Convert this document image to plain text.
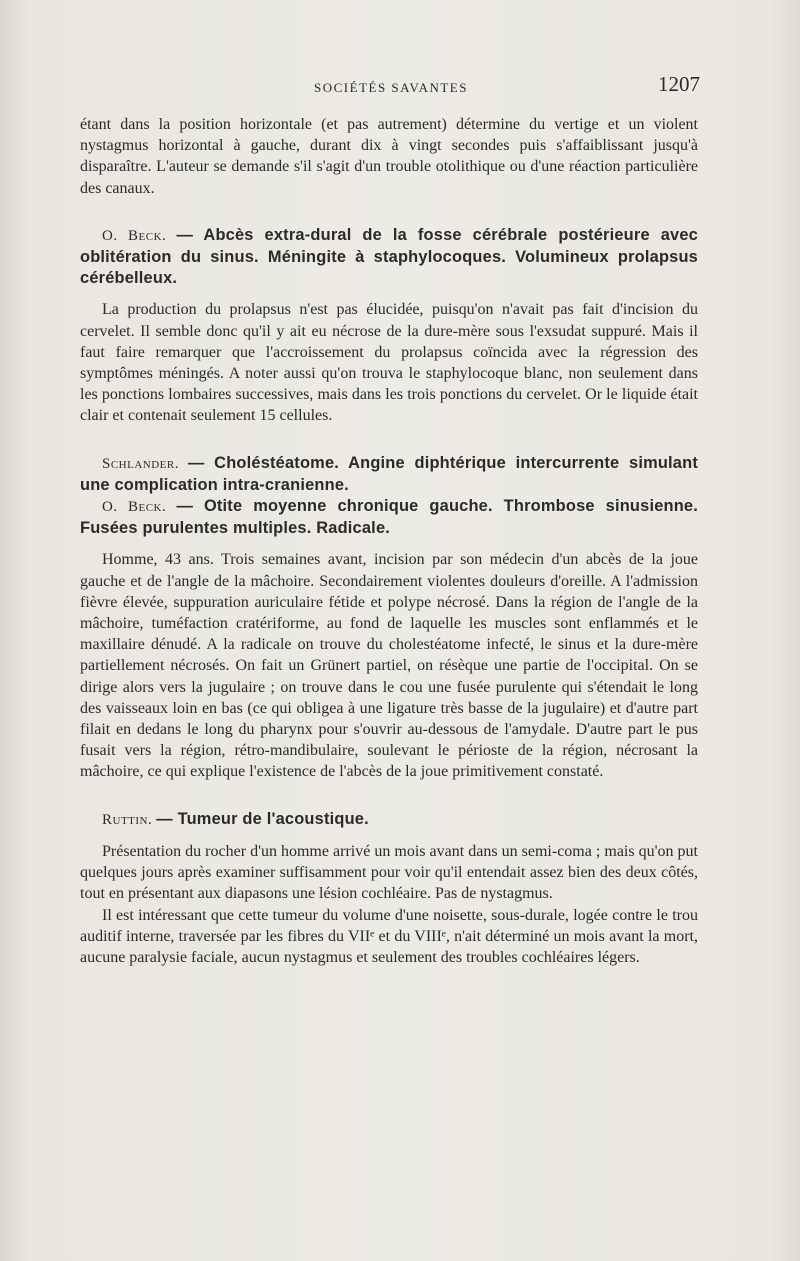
SOCIÉTÉS SAVANTES	1207

étant dans la position horizontale (et pas autrement) détermine du vertige et un violent nystagmus horizontal à gauche, durant dix à vingt secondes puis s'affaiblissant jusqu'à disparaître. L'auteur se demande s'il s'agit d'un trouble otolithique ou d'une réaction particulière des canaux.

O. Beck. — Abcès extra-dural de la fosse cérébrale postérieure avec oblitération du sinus. Méningite à staphylocoques. Volumineux prolapsus cérébelleux.

La production du prolapsus n'est pas élucidée, puisqu'on n'avait pas fait d'incision du cervelet. Il semble donc qu'il y ait eu nécrose de la dure-mère sous l'exsudat suppuré. Mais il faut faire remarquer que l'accroissement du prolapsus coïncida avec la régression des symptômes méningés. A noter aussi qu'on trouva le staphylocoque blanc, non seulement dans les ponctions lombaires successives, mais dans les trois ponctions du cervelet. Or le liquide était clair et contenait seulement 15 cellules.

Schlander. — Choléstéatome. Angine diphtérique intercurrente simulant une complication intra-cranienne.

O. Beck. — Otite moyenne chronique gauche. Thrombose sinusienne. Fusées purulentes multiples. Radicale.

Homme, 43 ans. Trois semaines avant, incision par son médecin d'un abcès de la joue gauche et de l'angle de la mâchoire. Secondairement violentes douleurs d'oreille. A l'admission fièvre élevée, suppuration auriculaire fétide et polype nécrosé. Dans la région de l'angle de la mâchoire, tuméfaction cratériforme, au fond de laquelle les muscles sont enflammés et le maxillaire dénudé. A la radicale on trouve du cholestéatome infecté, le sinus et la dure-mère partiellement nécrosés. On fait un Grünert partiel, on résèque une partie de l'occipital. On se dirige alors vers la jugulaire ; on trouve dans le cou une fusée purulente qui s'étendait le long des vaisseaux loin en bas (ce qui obligea à une ligature très basse de la jugulaire) et d'autre part filait en dedans le long du pharynx pour s'ouvrir au-dessous de l'amydale. D'autre part le pus fusait vers la région, rétro-mandibulaire, soulevant le périoste de la région, nécrosant la mâchoire, ce qui explique l'existence de l'abcès de la joue primitivement constaté.

Ruttin. — Tumeur de l'acoustique.

Présentation du rocher d'un homme arrivé un mois avant dans un semi-coma ; mais qu'on put quelques jours après examiner suffisamment pour voir qu'il entendait assez bien des deux côtés, tout en présentant aux diapasons une lésion cochléaire. Pas de nystagmus.

Il est intéressant que cette tumeur du volume d'une noisette, sous-durale, logée contre le trou auditif interne, traversée par les fibres du VIIᵉ et du VIIIᵉ, n'ait déterminé un mois avant la mort, aucune paralysie faciale, aucun nystagmus et seulement des troubles cochléaires légers.
